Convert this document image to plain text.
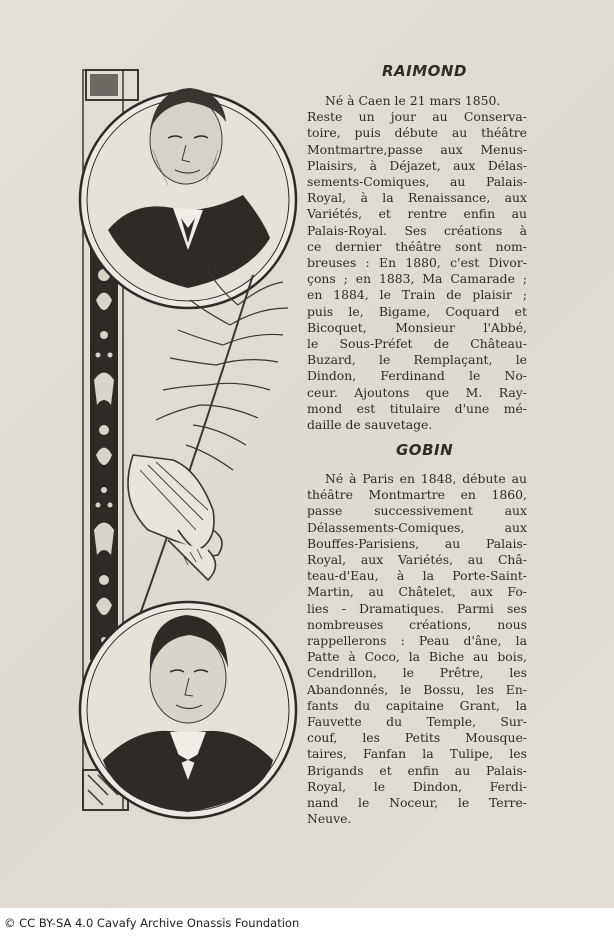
RAIMOND
Né à Caen le 21 mars 1850.
Reste un jour au Conserva-
toire, puis débute au théâtre
Montmartre,passe aux Menus-
Plaisirs, à Déjazet, aux Délas-
sements-Comiques, au Palais-
Royal, à la Renaissance, aux
Variétés, et rentre enfin au
Palais-Royal. Ses créations à
ce dernier théâtre sont nom-
breuses : En 1880, c'est Divor-
çons ; en 1883, Ma Camarade ;
en 1884, le Train de plaisir ;
puis le, Bigame, Coquard et
Bicoquet, Monsieur l'Abbé,
le Sous-Préfet de Château-
Buzard, le Remplaçant, le
Dindon, Ferdinand le No-
ceur. Ajoutons que M. Ray-
mond est titulaire d'une mé-
daille de sauvetage.
GOBIN
Né à Paris en 1848, débute au
théâtre Montmartre en 1860,
passe successivement aux
Délassements-Comiques, aux
Bouffes-Parisiens, au Palais-
Royal, aux Variétés, au Châ-
teau-d'Eau, à la Porte-Saint-
Martin, au Châtelet, aux Fo-
lies - Dramatiques. Parmi ses
nombreuses créations, nous
rappellerons : Peau d'âne, la
Patte à Coco, la Biche au bois,
Cendrillon, le Prêtre, les
Abandonnés, le Bossu, les En-
fants du capitaine Grant, la
Fauvette du Temple, Sur-
couf, les Petits Mousque-
taires, Fanfan la Tulipe, les
Brigands et enfin au Palais-
Royal, le Dindon, Ferdi-
nand le Noceur, le Terre-
Neuve.
© CC BY-SA 4.0 Cavafy Archive Onassis Foundation
